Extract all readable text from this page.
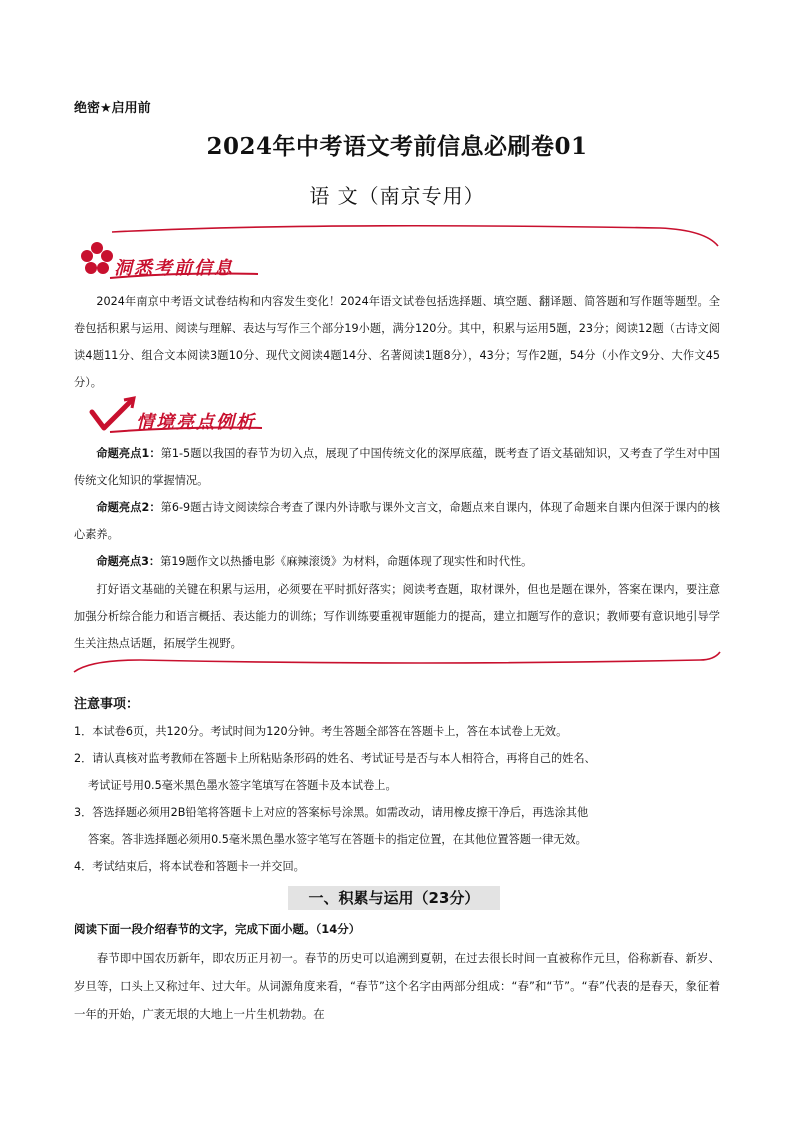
绝密★启用前
2024年中考语文考前信息必刷卷01
语 文（南京专用）
洞悉考前信息
情境亮点例析
2024年南京中考语文试卷结构和内容发生变化！2024年语文试卷包括选择题、填空题、翻译题、简答题和写作题等题型。全卷包括积累与运用、阅读与理解、表达与写作三个部分19小题，满分120分。其中，积累与运用5题，23分；阅读12题（古诗文阅读4题11分、组合文本阅读3题10分、现代文阅读4题14分、名著阅读1题8分），43分；写作2题，54分（小作文9分、大作文45分）。
命题亮点1：第1-5题以我国的春节为切入点，展现了中国传统文化的深厚底蕴，既考查了语文基础知识，又考查了学生对中国传统文化知识的掌握情况。
命题亮点2：第6-9题古诗文阅读综合考查了课内外诗歌与课外文言文，命题点来自课内，体现了命题来自课内但深于课内的核心素养。
命题亮点3：第19题作文以热播电影《麻辣滚烫》为材料，命题体现了现实性和时代性。
打好语文基础的关键在积累与运用，必须要在平时抓好落实；阅读考查题，取材课外，但也是题在课外，答案在课内，要注意加强分析综合能力和语言概括、表达能力的训练；写作训练要重视审题能力的提高，建立扣题写作的意识；教师要有意识地引导学生关注热点话题，拓展学生视野。
注意事项：
1．本试卷6页，共120分。考试时间为120分钟。考生答题全部答在答题卡上，答在本试卷上无效。
2．请认真核对监考教师在答题卡上所粘贴条形码的姓名、考试证号是否与本人相符合，再将自己的姓名、
考试证号用0.5毫米黑色墨水签字笔填写在答题卡及本试卷上。
3．答选择题必须用2B铅笔将答题卡上对应的答案标号涂黑。如需改动，请用橡皮擦干净后，再选涂其他
答案。答非选择题必须用0.5毫米黑色墨水签字笔写在答题卡的指定位置，在其他位置答题一律无效。
4．考试结束后，将本试卷和答题卡一并交回。
一、积累与运用（23分）
阅读下面一段介绍春节的文字，完成下面小题。（14分）
春节即中国农历新年，即农历正月初一。春节的历史可以追溯到夏朝，在过去很长时间一直被称作元旦，俗称新春、新岁、岁旦等，口头上又称过年、过大年。从词源角度来看，“春节”这个名字由两部分组成：“春”和“节”。“春”代表的是春天，象征着一年的开始，广袤无垠的大地上一片生机勃勃。在
